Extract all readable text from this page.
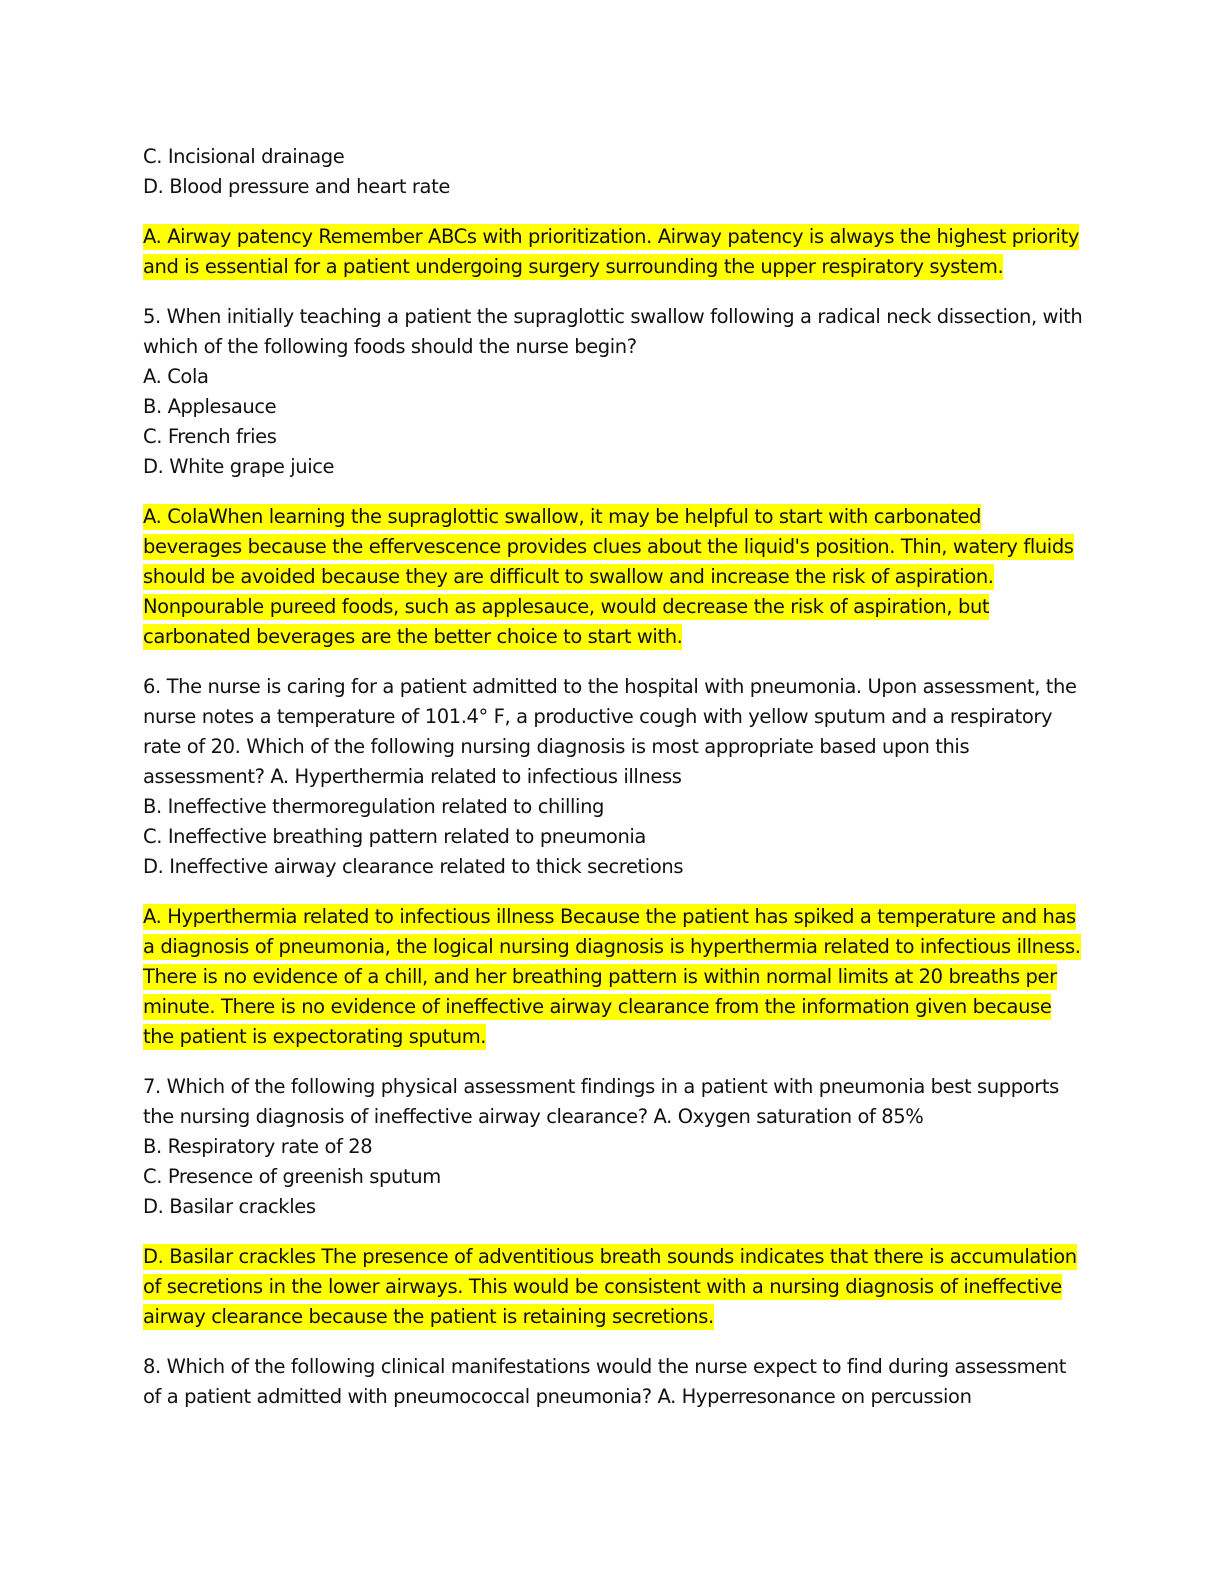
C. Incisional drainage
D. Blood pressure and heart rate
A. Airway patency Remember ABCs with prioritization. Airway patency is always the highest priority and is essential for a patient undergoing surgery surrounding the upper respiratory system.
5. When initially teaching a patient the supraglottic swallow following a radical neck dissection, with which of the following foods should the nurse begin?
A. Cola
B. Applesauce
C. French fries
D. White grape juice
A. ColaWhen learning the supraglottic swallow, it may be helpful to start with carbonated beverages because the effervescence provides clues about the liquid's position. Thin, watery fluids should be avoided because they are difficult to swallow and increase the risk of aspiration. Nonpourable pureed foods, such as applesauce, would decrease the risk of aspiration, but carbonated beverages are the better choice to start with.
6. The nurse is caring for a patient admitted to the hospital with pneumonia. Upon assessment, the nurse notes a temperature of 101.4° F, a productive cough with yellow sputum and a respiratory rate of 20. Which of the following nursing diagnosis is most appropriate based upon this assessment? A. Hyperthermia related to infectious illness
B. Ineffective thermoregulation related to chilling
C. Ineffective breathing pattern related to pneumonia
D. Ineffective airway clearance related to thick secretions
A. Hyperthermia related to infectious illness Because the patient has spiked a temperature and has a diagnosis of pneumonia, the logical nursing diagnosis is hyperthermia related to infectious illness. There is no evidence of a chill, and her breathing pattern is within normal limits at 20 breaths per minute. There is no evidence of ineffective airway clearance from the information given because the patient is expectorating sputum.
7. Which of the following physical assessment findings in a patient with pneumonia best supports the nursing diagnosis of ineffective airway clearance? A. Oxygen saturation of 85%
B. Respiratory rate of 28
C. Presence of greenish sputum
D. Basilar crackles
D. Basilar crackles The presence of adventitious breath sounds indicates that there is accumulation of secretions in the lower airways. This would be consistent with a nursing diagnosis of ineffective airway clearance because the patient is retaining secretions.
8. Which of the following clinical manifestations would the nurse expect to find during assessment of a patient admitted with pneumococcal pneumonia? A. Hyperresonance on percussion
